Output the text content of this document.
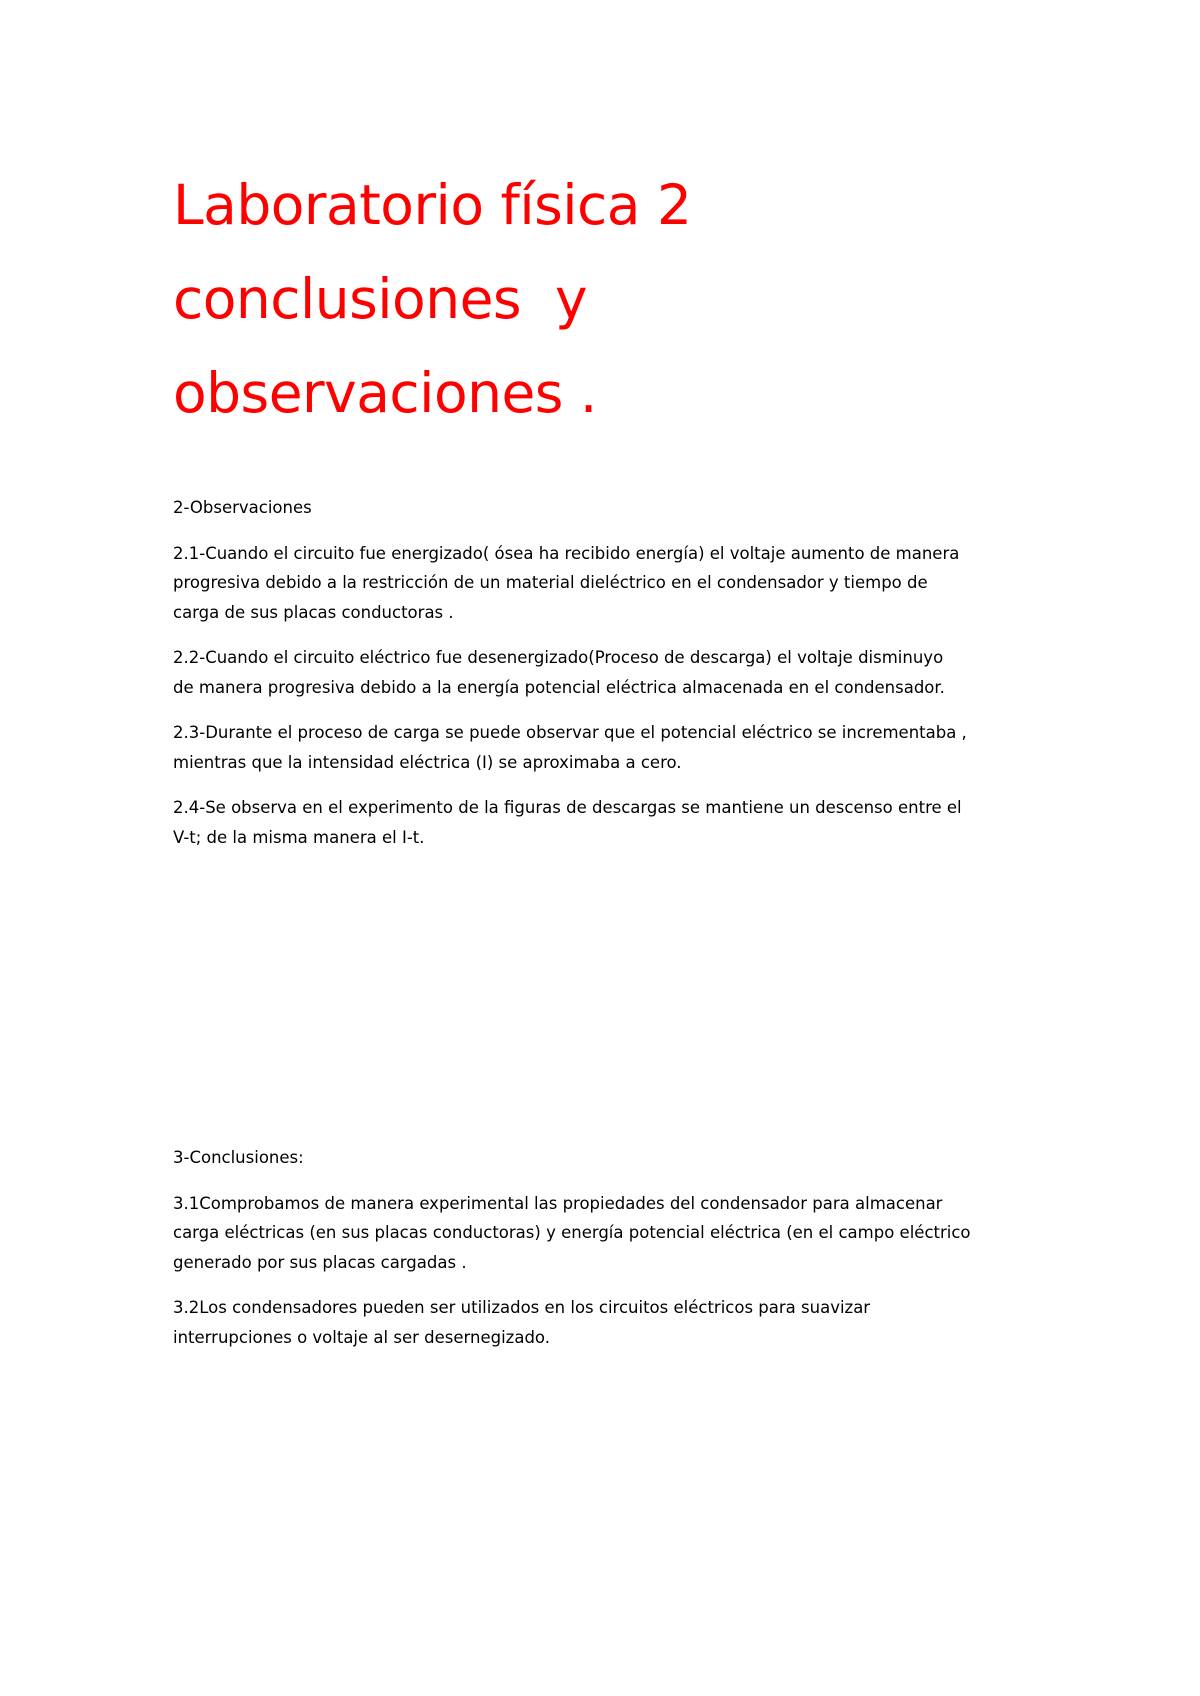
Laboratorio física 2
conclusiones  y
observaciones .

2-Observaciones

2.1-Cuando el circuito fue energizado( ósea ha recibido energía) el voltaje aumento de manera

progresiva debido a la restricción de un material dieléctrico en el condensador y tiempo de

carga de sus placas conductoras .

2.2-Cuando el circuito eléctrico fue desenergizado(Proceso de descarga) el voltaje disminuyo

de manera progresiva debido a la energía potencial eléctrica almacenada en el condensador.

2.3-Durante el proceso de carga se puede observar que el potencial eléctrico se incrementaba ,

mientras que la intensidad eléctrica (I) se aproximaba a cero.

2.4-Se observa en el experimento de la figuras de descargas se mantiene un descenso entre el

V-t; de la misma manera el I-t.

3-Conclusiones:

3.1Comprobamos de manera experimental las propiedades del condensador para almacenar

carga eléctricas (en sus placas conductoras) y energía potencial eléctrica (en el campo eléctrico

generado por sus placas cargadas .

3.2Los condensadores pueden ser utilizados en los circuitos eléctricos para suavizar

interrupciones o voltaje al ser desernegizado.
